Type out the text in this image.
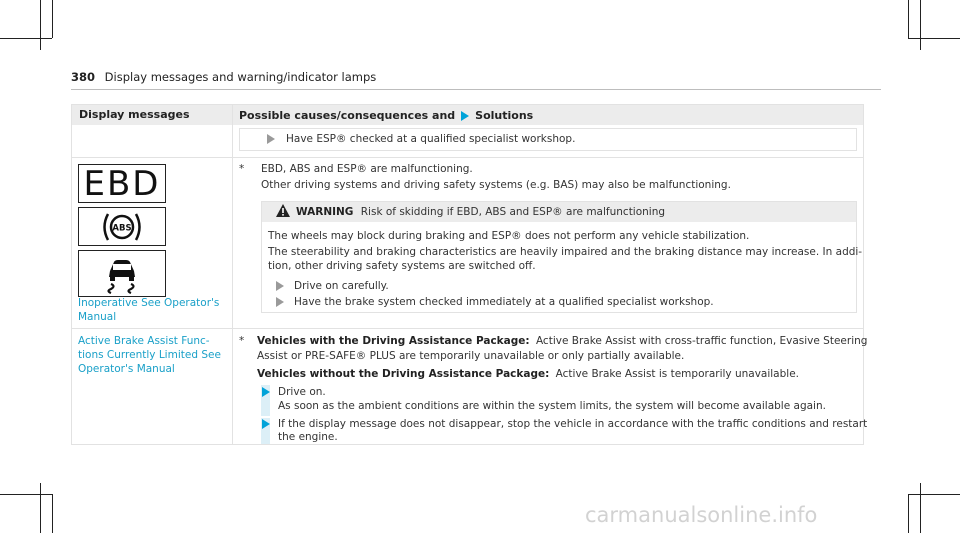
380 Display messages and warning/indicator lamps
Display messages	Possible causes/consequences and Solutions
Have ESP® checked at a qualified specialist workshop.
EBD
ABS
Inoperative See Operator's
Manual
* EBD, ABS and ESP® are malfunctioning.
Other driving systems and driving safety systems (e.g. BAS) may also be malfunctioning.
WARNING Risk of skidding if EBD, ABS and ESP® are malfunctioning
The wheels may block during braking and ESP® does not perform any vehicle stabilization.
The steerability and braking characteristics are heavily impaired and the braking distance may increase. In addi-
tion, other driving safety systems are switched off.
Drive on carefully.
Have the brake system checked immediately at a qualified specialist workshop.
Active Brake Assist Func-
tions Currently Limited See
Operator's Manual
* Vehicles with the Driving Assistance Package: Active Brake Assist with cross-traffic function, Evasive Steering
Assist or PRE-SAFE® PLUS are temporarily unavailable or only partially available.
Vehicles without the Driving Assistance Package: Active Brake Assist is temporarily unavailable.
Drive on.
As soon as the ambient conditions are within the system limits, the system will become available again.
If the display message does not disappear, stop the vehicle in accordance with the traffic conditions and restart
the engine.
carmanualsonline.info
